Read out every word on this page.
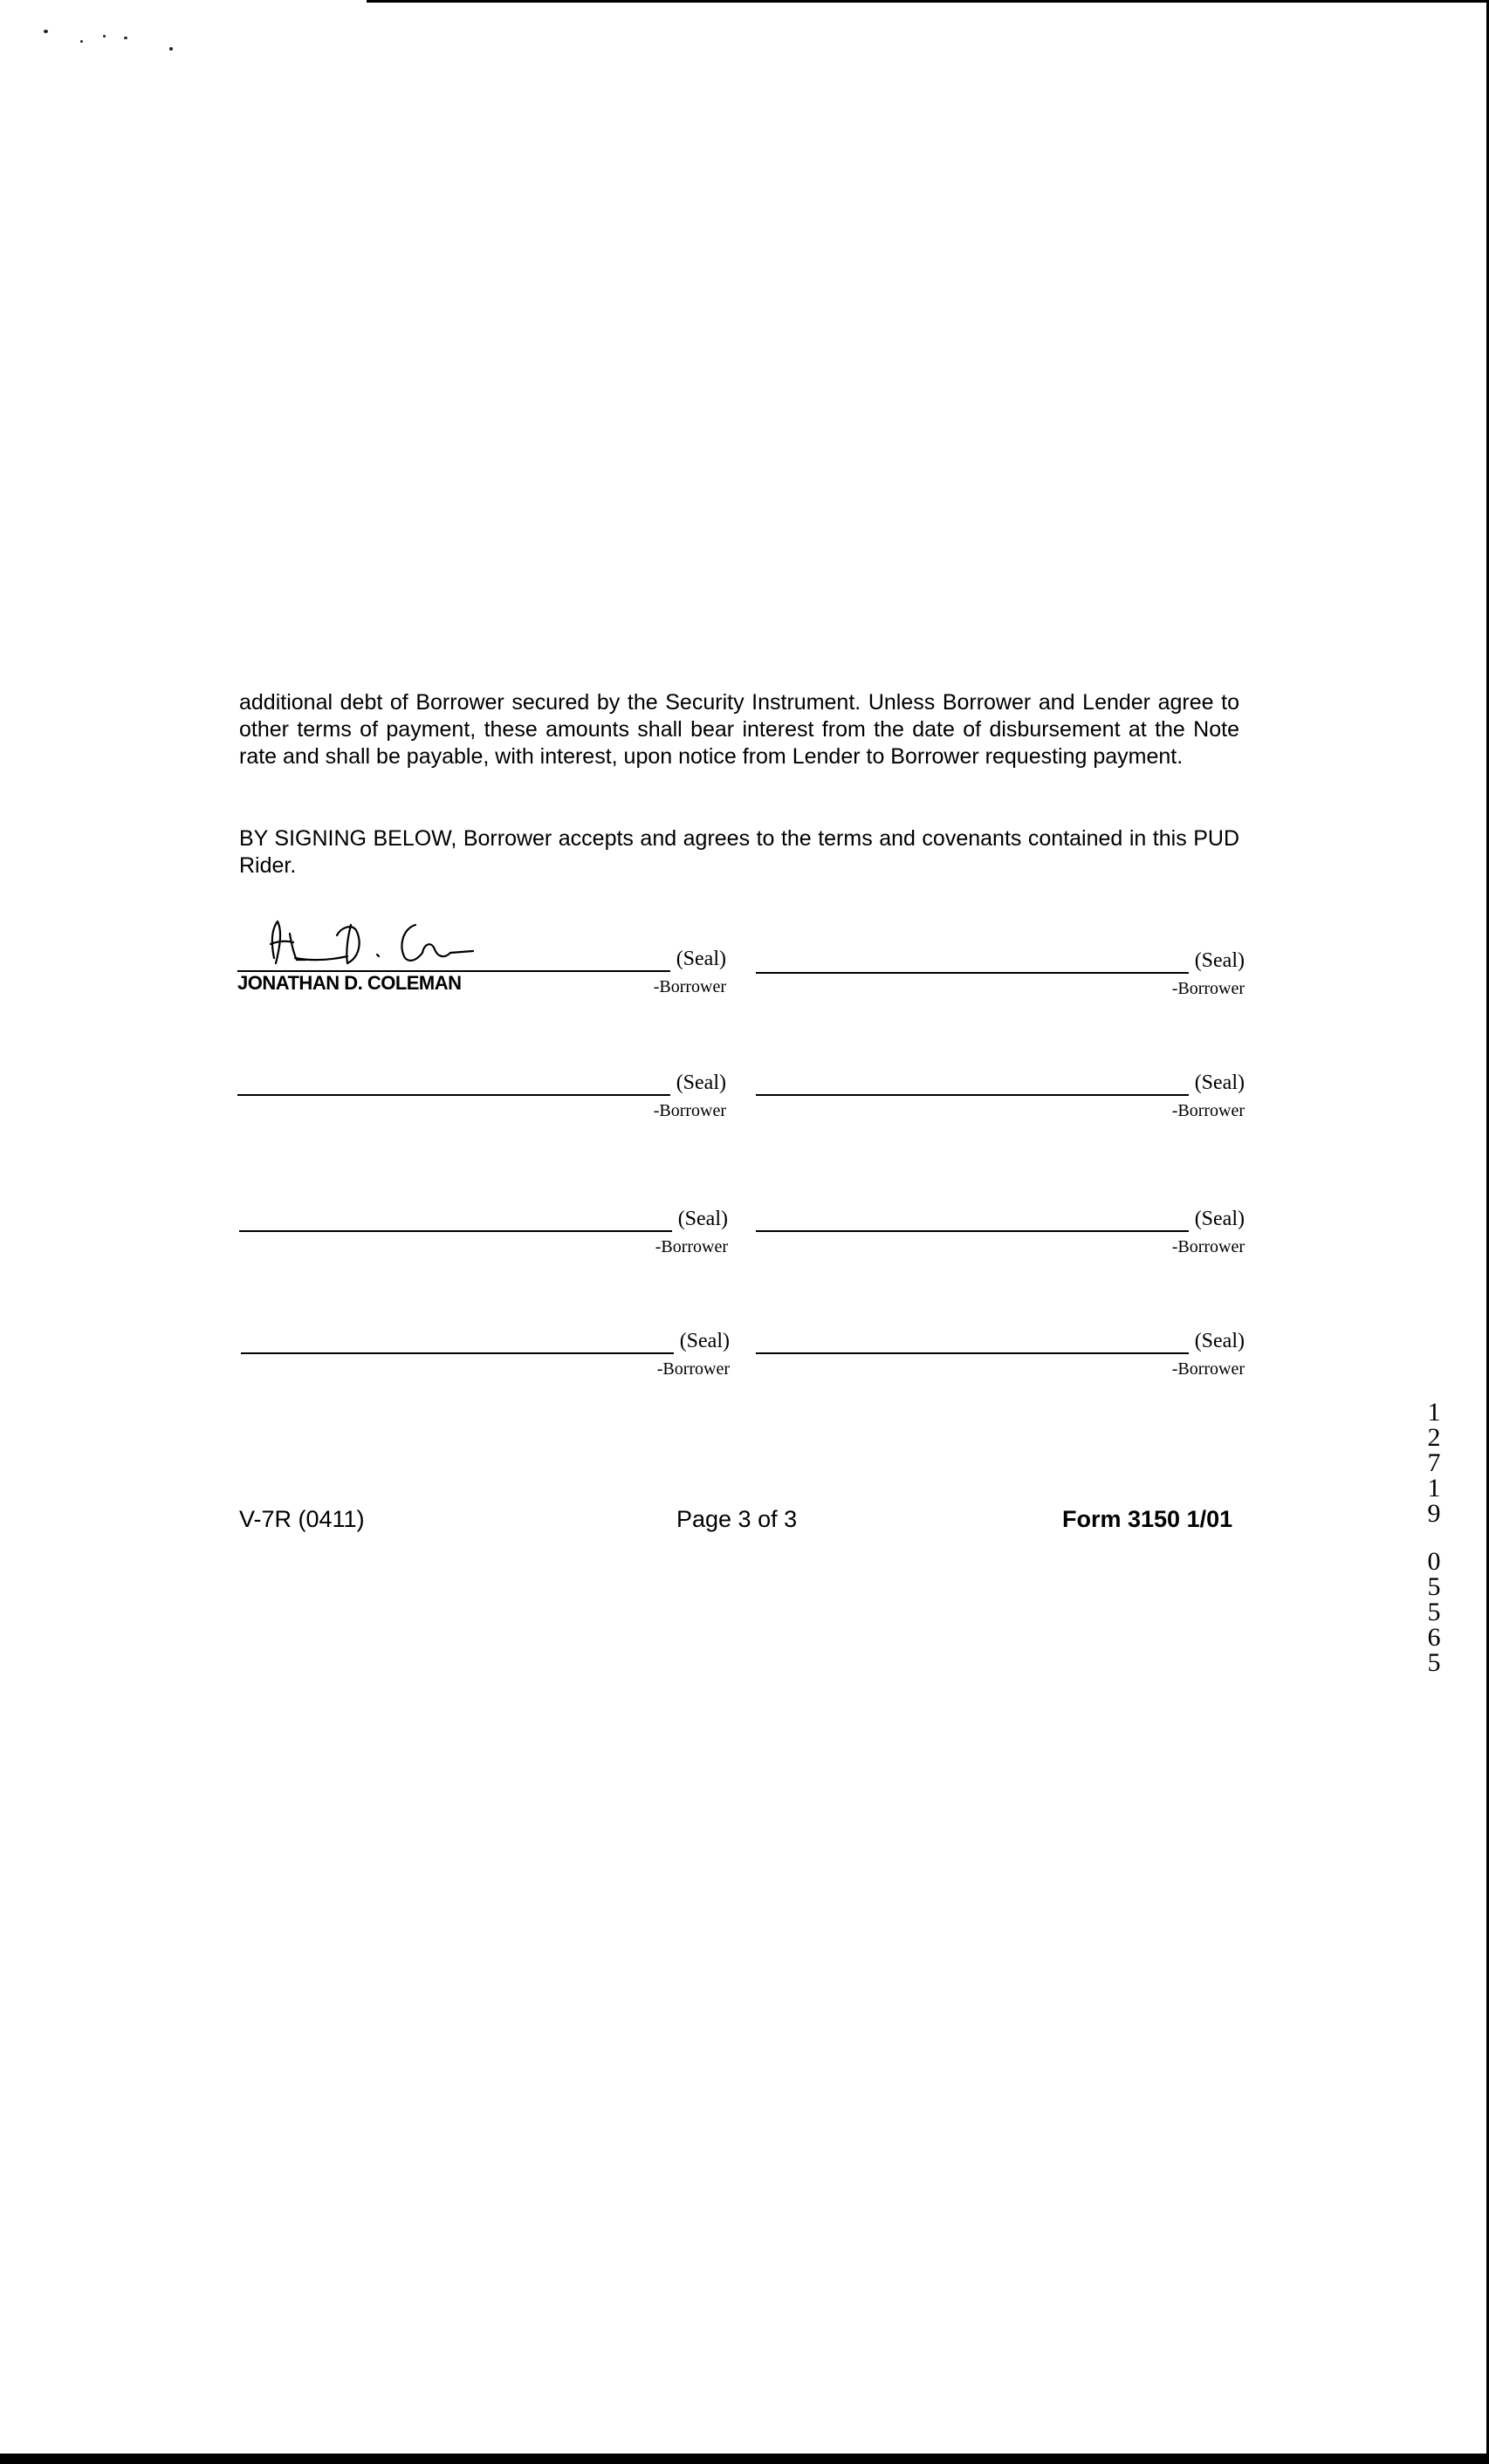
additional debt of Borrower secured by the Security Instrument. Unless Borrower and Lender agree to other terms of payment, these amounts shall bear interest from the date of disbursement at the Note rate and shall be payable, with interest, upon notice from Lender to Borrower requesting payment.
BY SIGNING BELOW, Borrower accepts and agrees to the terms and covenants contained in this PUD Rider.
JONATHAN D. COLEMAN
(Seal)
-Borrower
(Seal)
-Borrower
(Seal)
-Borrower
(Seal)
-Borrower
(Seal)
-Borrower
(Seal)
-Borrower
(Seal)
-Borrower
(Seal)
-Borrower
V-7R (0411)	Page 3 of 3	Form 3150 1/01
1
2
7
1
9
0
5
5
6
5
